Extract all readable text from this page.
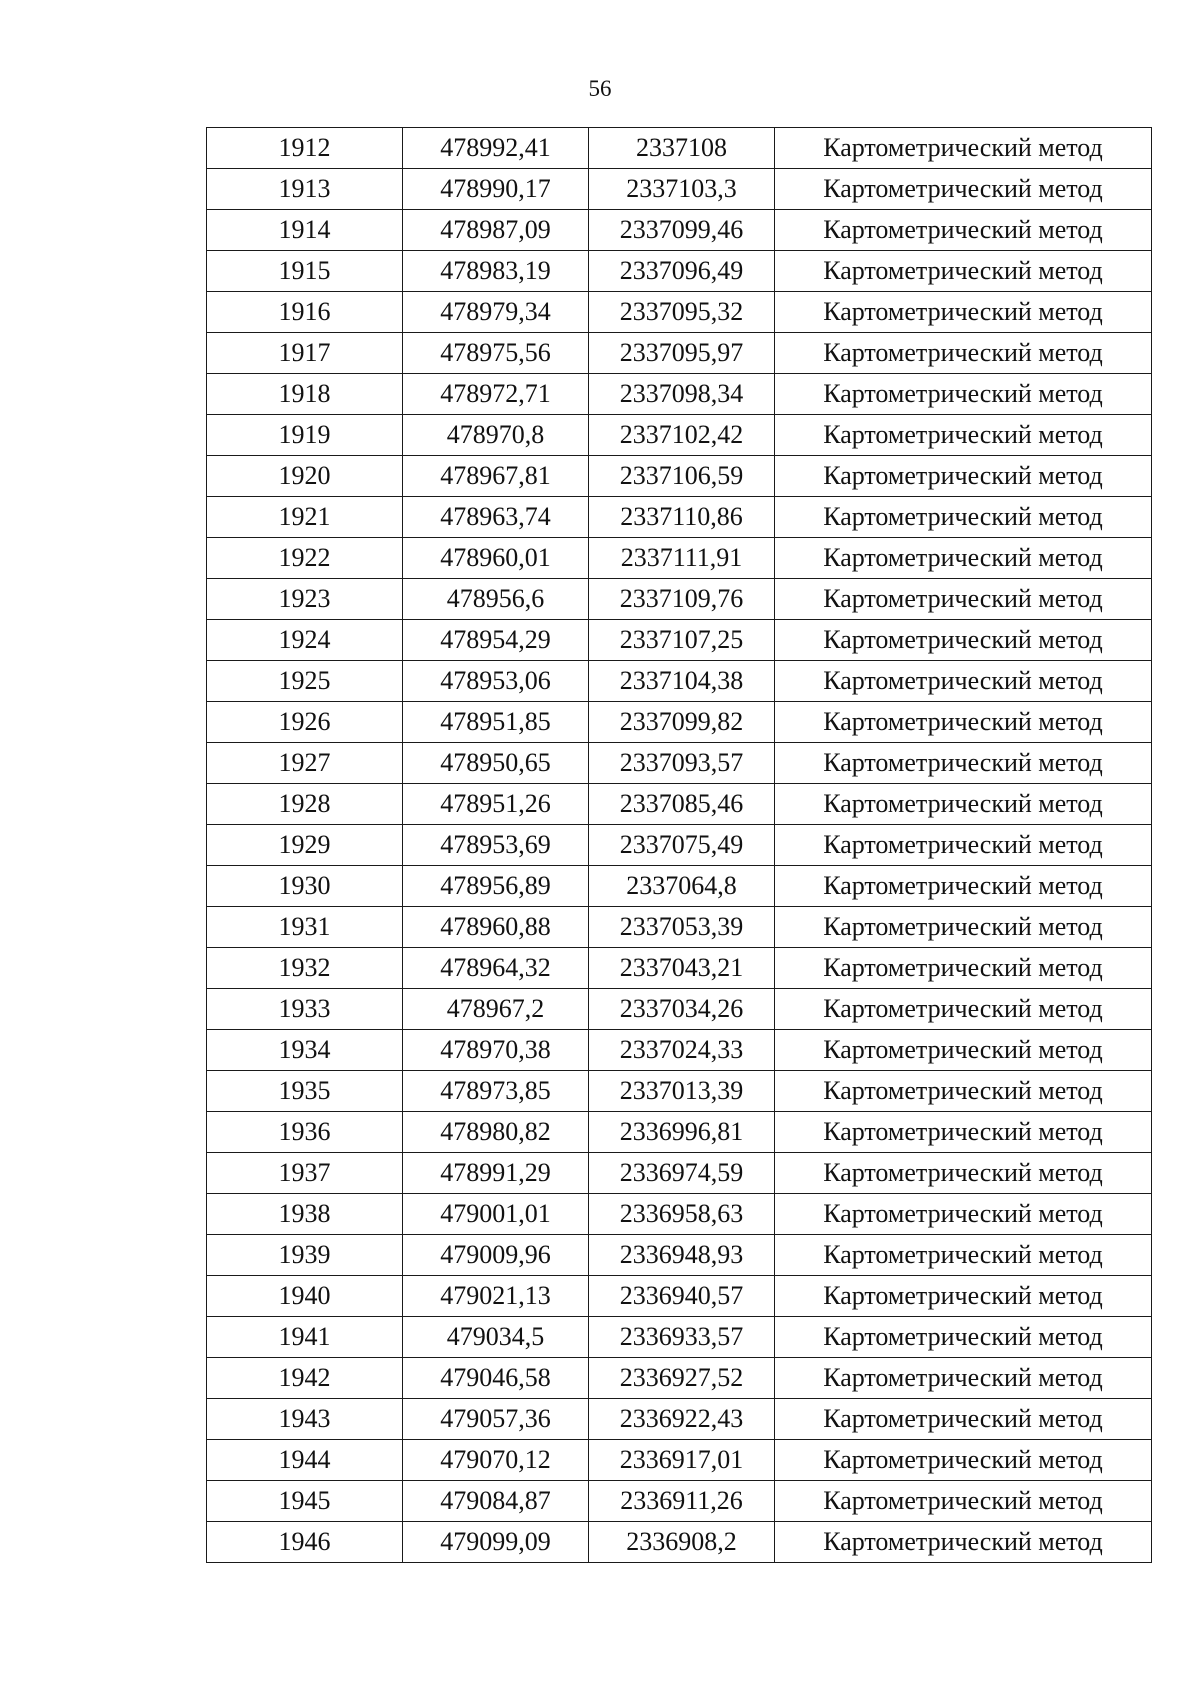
56
1912	478992,41	2337108	Картометрический метод
1913	478990,17	2337103,3	Картометрический метод
1914	478987,09	2337099,46	Картометрический метод
1915	478983,19	2337096,49	Картометрический метод
1916	478979,34	2337095,32	Картометрический метод
1917	478975,56	2337095,97	Картометрический метод
1918	478972,71	2337098,34	Картометрический метод
1919	478970,8	2337102,42	Картометрический метод
1920	478967,81	2337106,59	Картометрический метод
1921	478963,74	2337110,86	Картометрический метод
1922	478960,01	2337111,91	Картометрический метод
1923	478956,6	2337109,76	Картометрический метод
1924	478954,29	2337107,25	Картометрический метод
1925	478953,06	2337104,38	Картометрический метод
1926	478951,85	2337099,82	Картометрический метод
1927	478950,65	2337093,57	Картометрический метод
1928	478951,26	2337085,46	Картометрический метод
1929	478953,69	2337075,49	Картометрический метод
1930	478956,89	2337064,8	Картометрический метод
1931	478960,88	2337053,39	Картометрический метод
1932	478964,32	2337043,21	Картометрический метод
1933	478967,2	2337034,26	Картометрический метод
1934	478970,38	2337024,33	Картометрический метод
1935	478973,85	2337013,39	Картометрический метод
1936	478980,82	2336996,81	Картометрический метод
1937	478991,29	2336974,59	Картометрический метод
1938	479001,01	2336958,63	Картометрический метод
1939	479009,96	2336948,93	Картометрический метод
1940	479021,13	2336940,57	Картометрический метод
1941	479034,5	2336933,57	Картометрический метод
1942	479046,58	2336927,52	Картометрический метод
1943	479057,36	2336922,43	Картометрический метод
1944	479070,12	2336917,01	Картометрический метод
1945	479084,87	2336911,26	Картометрический метод
1946	479099,09	2336908,2	Картометрический метод
